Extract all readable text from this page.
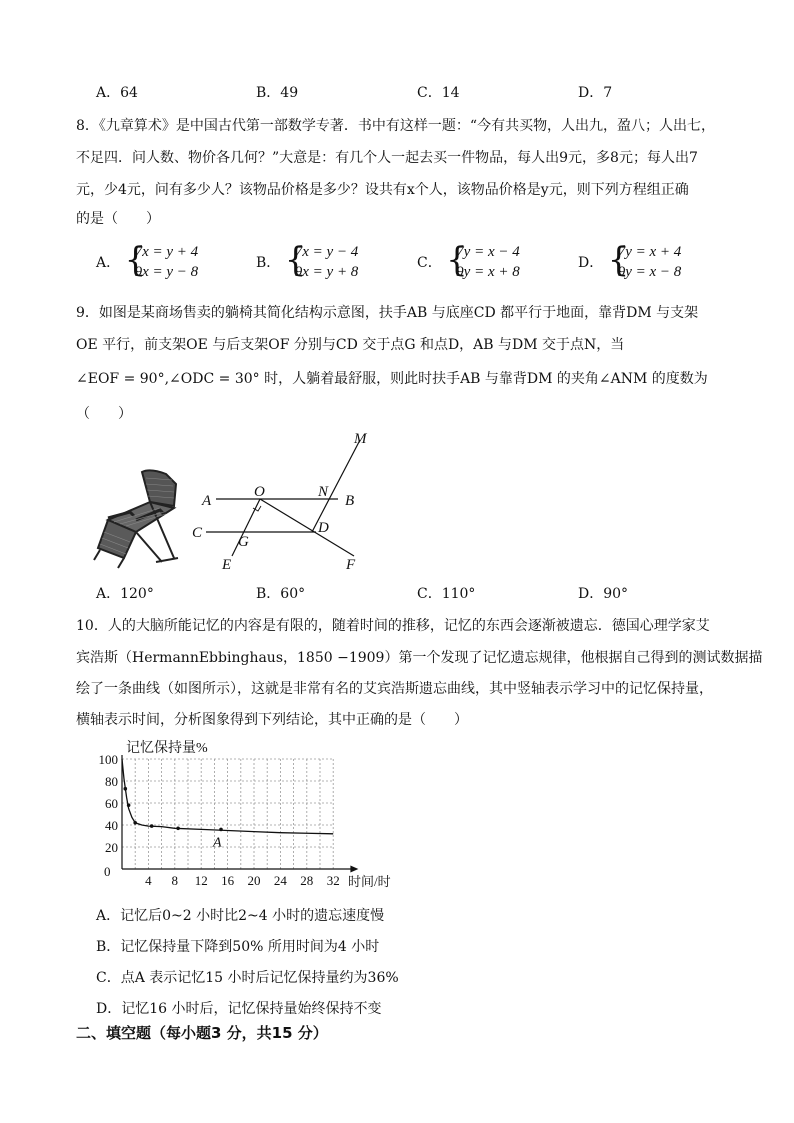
A．64	B．49	C．14	D．7
8．《九章算术》是中国古代第一部数学专著．书中有这样一题：“今有共买物，人出九，盈八；人出七，
不足四．问人数、物价各几何？”大意是：有几个人一起去买一件物品，每人出9元，多8元；每人出7
元，少4元，问有多少人？该物品价格是多少？设共有x个人，该物品价格是y元，则下列方程组正确
的是（　　）
A． {
7x = y + 4
9x = y − 8
B． {
7x = y − 4
9x = y + 8
C． {
7y = x − 4
9y = x + 8
D． {
7y = x + 4
9y = x − 8
9．如图是某商场售卖的躺椅其简化结构示意图，扶手AB 与底座CD 都平行于地面，靠背DM 与支架
OE 平行，前支架OE 与后支架OF 分别与CD 交于点G 和点D，AB 与DM 交于点N，当
∠EOF = 90°,∠ODC = 30° 时，人躺着最舒服，则此时扶手AB 与靠背DM 的夹角∠ANM 的度数为
（　　）
M
A
O	N
B
C	D
G
E	F
A．120°	B．60°	C．110°	D．90°
10．人的大脑所能记忆的内容是有限的，随着时间的推移，记忆的东西会逐渐被遗忘．德国心理学家艾
宾浩斯（HermannEbbinghaus，1850 −1909）第一个发现了记忆遗忘规律，他根据自己得到的测试数据描
绘了一条曲线（如图所示），这就是非常有名的艾宾浩斯遗忘曲线，其中竖轴表示学习中的记忆保持量，
横轴表示时间，分析图象得到下列结论，其中正确的是（　　）
记忆保持量%
时间/时
0
4 8 12 16 20 24 28 32
100
80
60
40
20	A
A．记忆后0~2 小时比2~4 小时的遗忘速度慢
B．记忆保持量下降到50% 所用时间为4 小时
C．点A 表示记忆15 小时后记忆保持量约为36%
D．记忆16 小时后，记忆保持量始终保持不变
二、填空题（每小题3 分，共15 分）
